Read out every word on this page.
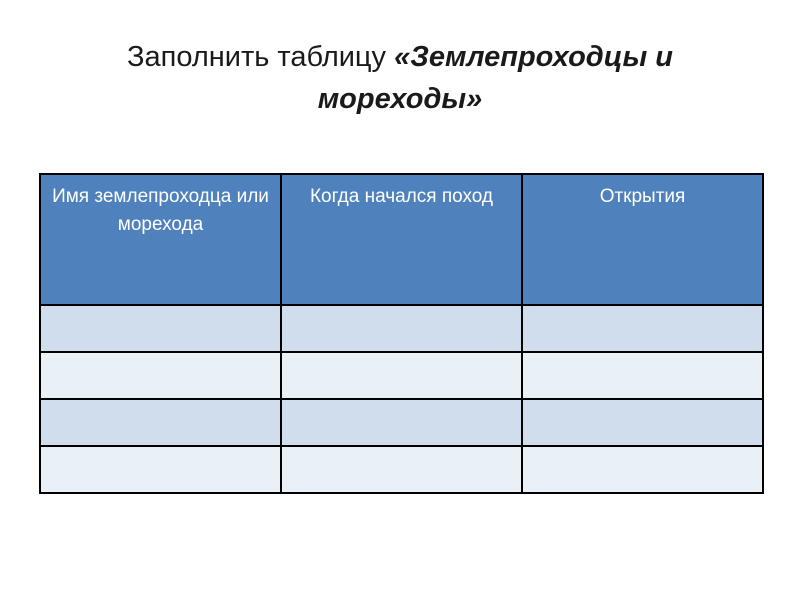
Заполнить таблицу «Землепроходцы и
мореходы»
Имя землепроходца или морехода	Когда начался поход	Открытия
